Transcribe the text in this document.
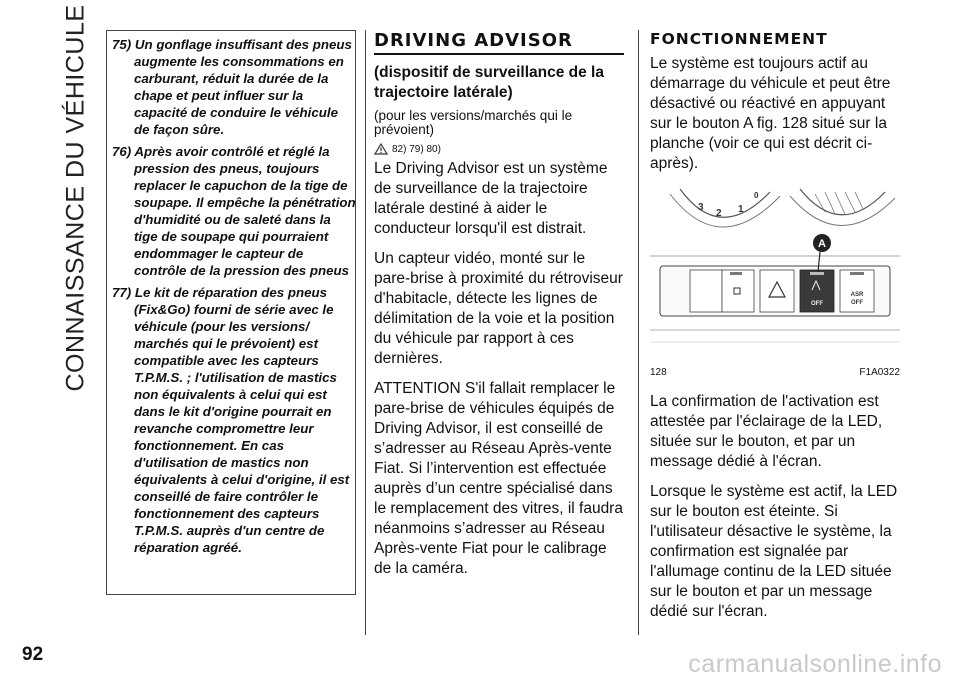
CONNAISSANCE DU VÉHICULE 75) Un gonflage insuffisant des pneus augmente les consommations en carburant, réduit la durée de la chape et peut influer sur la capacité de conduire le véhicule de façon sûre.
76) Après avoir contrôlé et réglé la pression des pneus, toujours replacer le capuchon de la tige de soupape. Il empêche la pénétration d'humidité ou de saleté dans la tige de soupape qui pourraient endommager le capteur de contrôle de la pression des pneus
77) Le kit de réparation des pneus (Fix&Go) fourni de série avec le véhicule (pour les versions/ marchés qui le prévoient) est compatible avec les capteurs T.P.M.S. ; l'utilisation de mastics non équivalents à celui qui est dans le kit d'origine pourrait en revanche compromettre leur fonctionnement. En cas d'utilisation de mastics non équivalents à celui d'origine, il est conseillé de faire contrôler le fonctionnement des capteurs T.P.M.S. auprès d'un centre de réparation agréé.
DRIVING ADVISOR
(dispositif de surveillance de la trajectoire latérale)
(pour les versions/marchés qui le prévoient)
82) 79) 80)
Le Driving Advisor est un système de surveillance de la trajectoire latérale destiné à aider le conducteur lorsqu'il est distrait.
Un capteur vidéo, monté sur le pare-brise à proximité du rétroviseur d'habitacle, détecte les lignes de délimitation de la voie et la position du véhicule par rapport à ces dernières.
ATTENTION S'il fallait remplacer le pare-brise de véhicules équipés de Driving Advisor, il est conseillé de s’adresser au Réseau Après-vente Fiat. Si l’intervention est effectuée auprès d’un centre spécialisé dans le remplacement des vitres, il faudra néanmoins s’adresser au Réseau Après-vente Fiat pour le calibrage de la caméra.
FONCTIONNEMENT
Le système est toujours actif au démarrage du véhicule et peut être désactivé ou réactivé en appuyant sur le bouton A fig. 128 situé sur la planche (voir ce qui est décrit ci-après).
3
2 1
0
OFF
ASR
OFF
A
128	F1A0322
La confirmation de l'activation est attestée par l'éclairage de la LED, située sur le bouton, et par un message dédié à l'écran.
Lorsque le système est actif, la LED sur le bouton est éteinte. Si l'utilisateur désactive le système, la confirmation est signalée par l'allumage continu de la LED située sur le bouton et par un message dédié sur l'écran.
92	carmanualsonline.info
